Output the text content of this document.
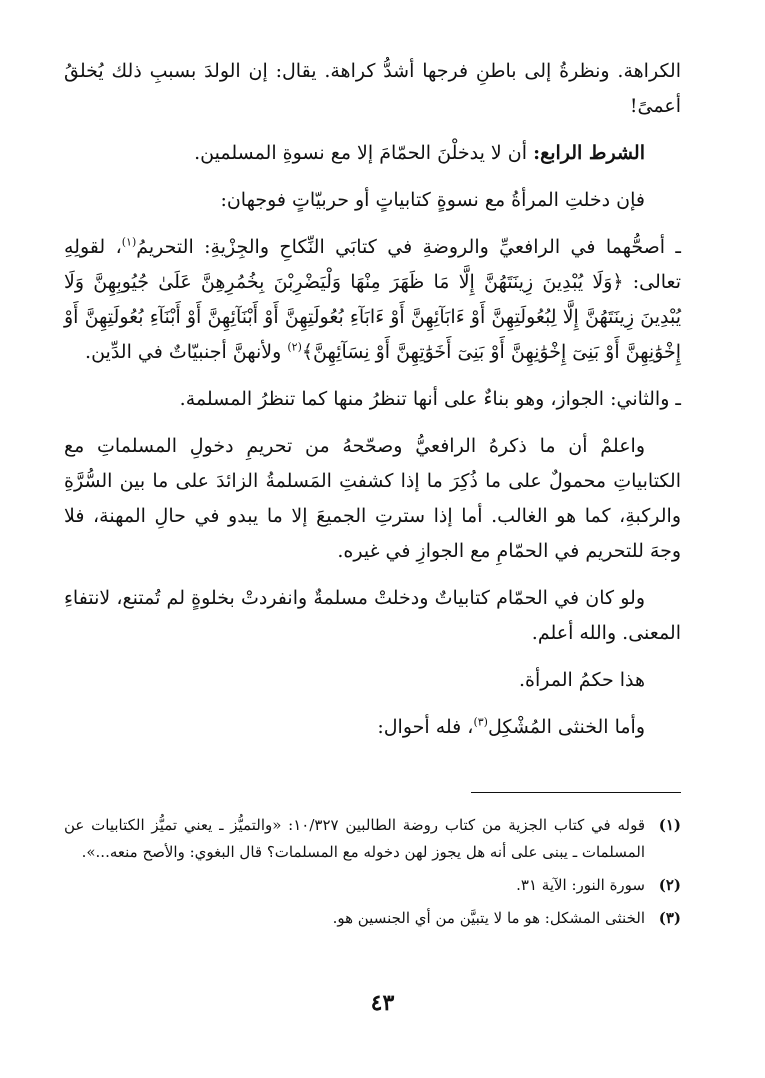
الكراهة. ونظرةُ إلى باطنِ فرجها أشدُّ كراهة. يقال: إن الولدَ بسببِ ذلك يُخلقُ أعمىً!

الشرط الرابع: أن لا يدخلْنَ الحمّامَ إلا مع نسوةِ المسلمين.

فإن دخلتِ المرأةُ مع نسوةٍ كتابياتٍ أو حربيّاتٍ فوجهان:

ـ أصحُّهما في الرافعيِّ والروضةِ في كتابَي النِّكاحِ والجِزْيةِ: التحريمُ$^{(١)}$، لقولِهِ تعالى: ﴿وَلَا يُبْدِينَ زِينَتَهُنَّ إِلَّا مَا ظَهَرَ مِنْهَا وَلْيَضْرِبْنَ بِخُمُرِهِنَّ عَلَىٰ جُيُوبِهِنَّ وَلَا يُبْدِينَ زِينَتَهُنَّ إِلَّا لِبُعُولَتِهِنَّ أَوْ ءَابَآئِهِنَّ أَوْ ءَابَآءِ بُعُولَتِهِنَّ أَوْ أَبْنَآئِهِنَّ أَوْ أَبْنَآءِ بُعُولَتِهِنَّ أَوْ إِخْوَٰنِهِنَّ أَوْ بَنِىٓ إِخْوَٰنِهِنَّ أَوْ بَنِىٓ أَخَوَٰتِهِنَّ أَوْ نِسَآئِهِنَّ﴾$^{(٢)}$ ولأنهنَّ أجنبيّاتٌ في الدِّين.

ـ والثاني: الجواز، وهو بناءٌ على أنها تنظرُ منها كما تنظرُ المسلمة.

واعلمْ أن ما ذكرهُ الرافعيُّ وصحّحهُ من تحريمِ دخولِ المسلماتِ مع الكتابياتِ محمولٌ على ما ذُكِرَ ما إذا كشفتِ المَسلمةُ الزائدَ على ما بين السُّرَّةِ والركبةِ، كما هو الغالب. أما إذا سترتِ الجميعَ إلا ما يبدو في حالِ المهنة، فلا وجهَ للتحريم في الحمّامِ مع الجوازِ في غيره.

ولو كان في الحمّام كتابياتٌ ودخلتْ مسلمةٌ وانفردتْ بخلوةٍ لم تُمتنع، لانتفاءِ المعنى. والله أعلم.

هذا حكمُ المرأة.

وأما الخنثى المُشْكِل$^{(٣)}$، فله أحوال:

(١)
قوله في كتاب الجزية من كتاب روضة الطالبين ١٠/٣٢٧: «والتميُّز ـ يعني تميُّز الكتابيات عن المسلمات ـ يبنى على أنه هل يجوز لهن دخوله مع المسلمات؟ قال البغوي: والأصح منعه...».
(٢)
سورة النور: الآية ٣١.
(٣)
الخنثى المشكل: هو ما لا يتبيَّن من أي الجنسين هو.
٤٣
